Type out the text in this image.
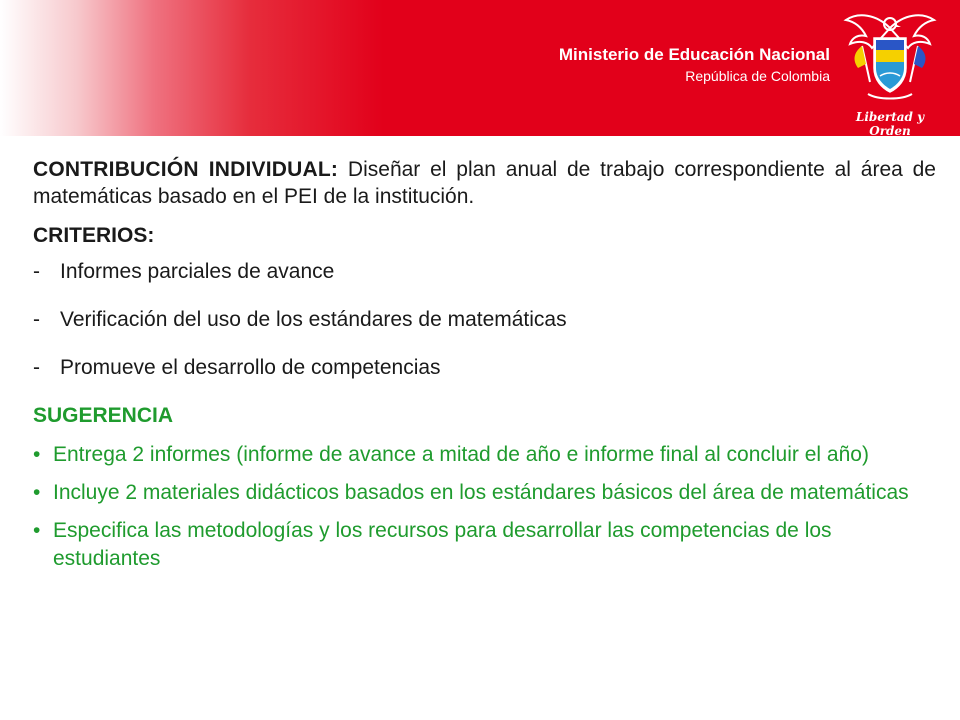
Ministerio de Educación Nacional
República de Colombia
Libertad y Orden

CONTRIBUCIÓN INDIVIDUAL: Diseñar el plan anual de trabajo correspondiente al área de matemáticas basado en el PEI de la institución.

CRITERIOS:
- Informes parciales de avance
- Verificación del uso de los estándares de matemáticas
- Promueve el desarrollo de competencias
SUGERENCIA
• Entrega 2 informes (informe de avance a mitad de año e informe final al concluir el año)
• Incluye 2 materiales didácticos basados en los estándares básicos del área de matemáticas
• Especifica las metodologías y los recursos para desarrollar las competencias de los estudiantes
